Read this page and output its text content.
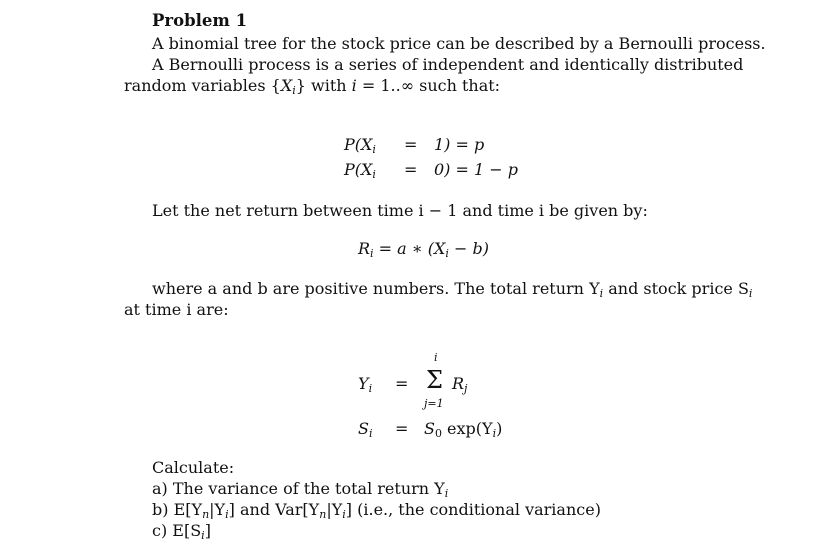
Problem 1
A binomial tree for the stock price can be described by a Bernoulli process.
A Bernoulli process is a series of independent and identically distributed
random variables $\{X_i\}$ with i = 1..∞ such that:
$P(X_i = 1) = p$
$P(X_i = 0) = 1 - p$
Let the net return between time i − 1 and time i be given by:
$R_i = a$ ∗ $(X_i - b)$
where a and b are positive numbers. The total return $Y_i$ and stock price $S_i$
at time i are:
$Y_i$ =
i
Σ
j=1
$R_j$
$S_i = S_0$ $\exp(Y_i)$
Calculate:
a) The variance of the total return $Y_i$
b) $E[Y_n|Y_i]$ and $Var[Y_n|Y_i]$ (i.e., the conditional variance)
c) $E[S_i]$
